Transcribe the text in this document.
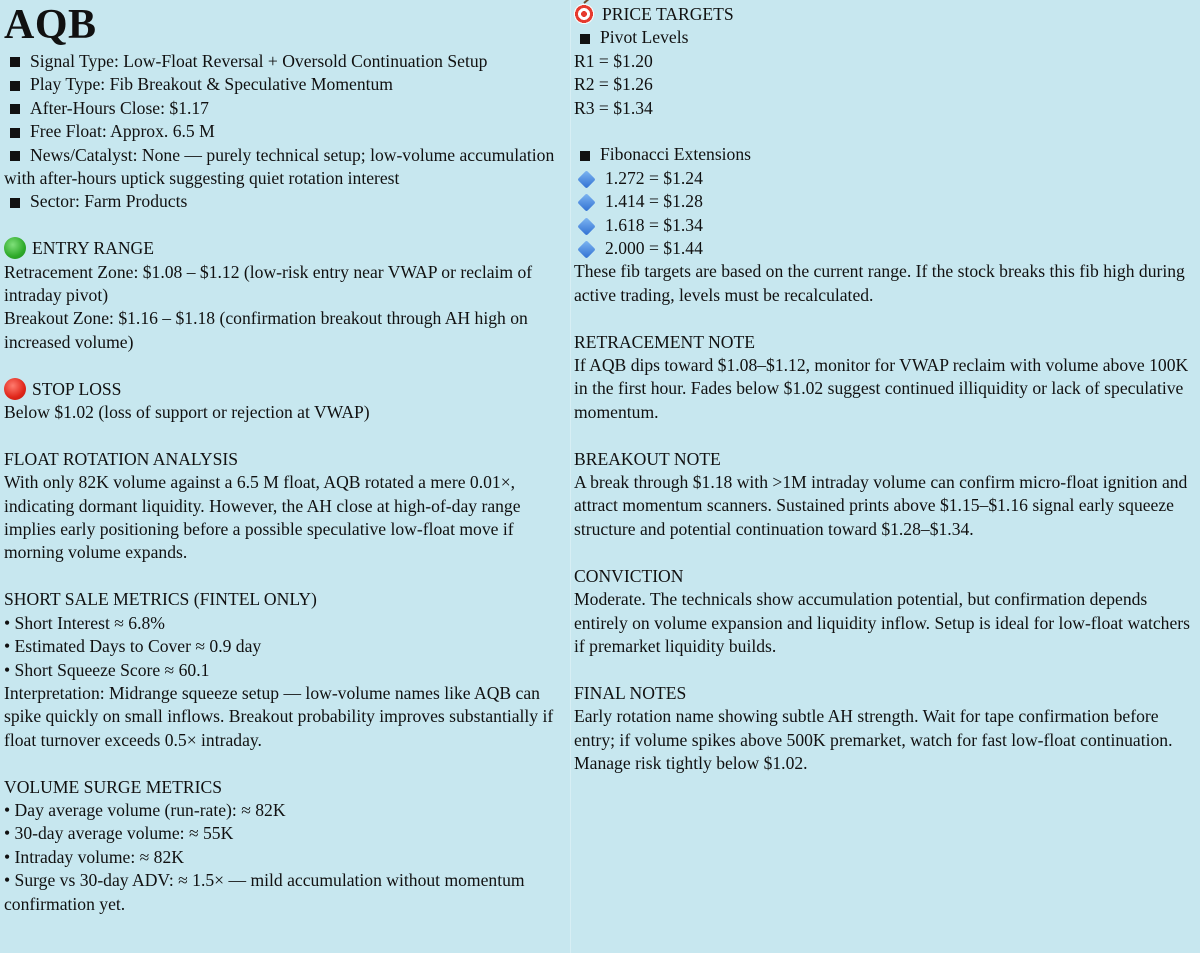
AQB
Signal Type: Low-Float Reversal + Oversold Continuation Setup
Play Type: Fib Breakout & Speculative Momentum
After-Hours Close: $1.17
Free Float: Approx. 6.5 M
News/Catalyst: None — purely technical setup; low-volume accumulation with after-hours uptick suggesting quiet rotation interest
Sector: Farm Products
ENTRY RANGE
Retracement Zone: $1.08 – $1.12 (low-risk entry near VWAP or reclaim of intraday pivot)
Breakout Zone: $1.16 – $1.18 (confirmation breakout through AH high on increased volume)
STOP LOSS
Below $1.02 (loss of support or rejection at VWAP)
FLOAT ROTATION ANALYSIS
With only 82K volume against a 6.5 M float, AQB rotated a mere 0.01×, indicating dormant liquidity. However, the AH close at high-of-day range implies early positioning before a possible speculative low-float move if morning volume expands.
SHORT SALE METRICS (FINTEL ONLY)
• Short Interest ≈ 6.8%
• Estimated Days to Cover ≈ 0.9 day
• Short Squeeze Score ≈ 60.1
Interpretation: Midrange squeeze setup — low-volume names like AQB can spike quickly on small inflows. Breakout probability improves substantially if float turnover exceeds 0.5× intraday.
VOLUME SURGE METRICS
• Day average volume (run-rate): ≈ 82K
• 30-day average volume: ≈ 55K
• Intraday volume: ≈ 82K
• Surge vs 30-day ADV: ≈ 1.5× — mild accumulation without momentum confirmation yet.
PRICE TARGETS
Pivot Levels
R1 = $1.20
R2 = $1.26
R3 = $1.34
Fibonacci Extensions
1.272 = $1.24
1.414 = $1.28
1.618 = $1.34
2.000 = $1.44
These fib targets are based on the current range. If the stock breaks this fib high during active trading, levels must be recalculated.
RETRACEMENT NOTE
If AQB dips toward $1.08–$1.12, monitor for VWAP reclaim with volume above 100K in the first hour. Fades below $1.02 suggest continued illiquidity or lack of speculative momentum.
BREAKOUT NOTE
A break through $1.18 with >1M intraday volume can confirm micro-float ignition and attract momentum scanners. Sustained prints above $1.15–$1.16 signal early squeeze structure and potential continuation toward $1.28–$1.34.
CONVICTION
Moderate. The technicals show accumulation potential, but confirmation depends entirely on volume expansion and liquidity inflow. Setup is ideal for low-float watchers if premarket liquidity builds.
FINAL NOTES
Early rotation name showing subtle AH strength. Wait for tape confirmation before entry; if volume spikes above 500K premarket, watch for fast low-float continuation. Manage risk tightly below $1.02.
